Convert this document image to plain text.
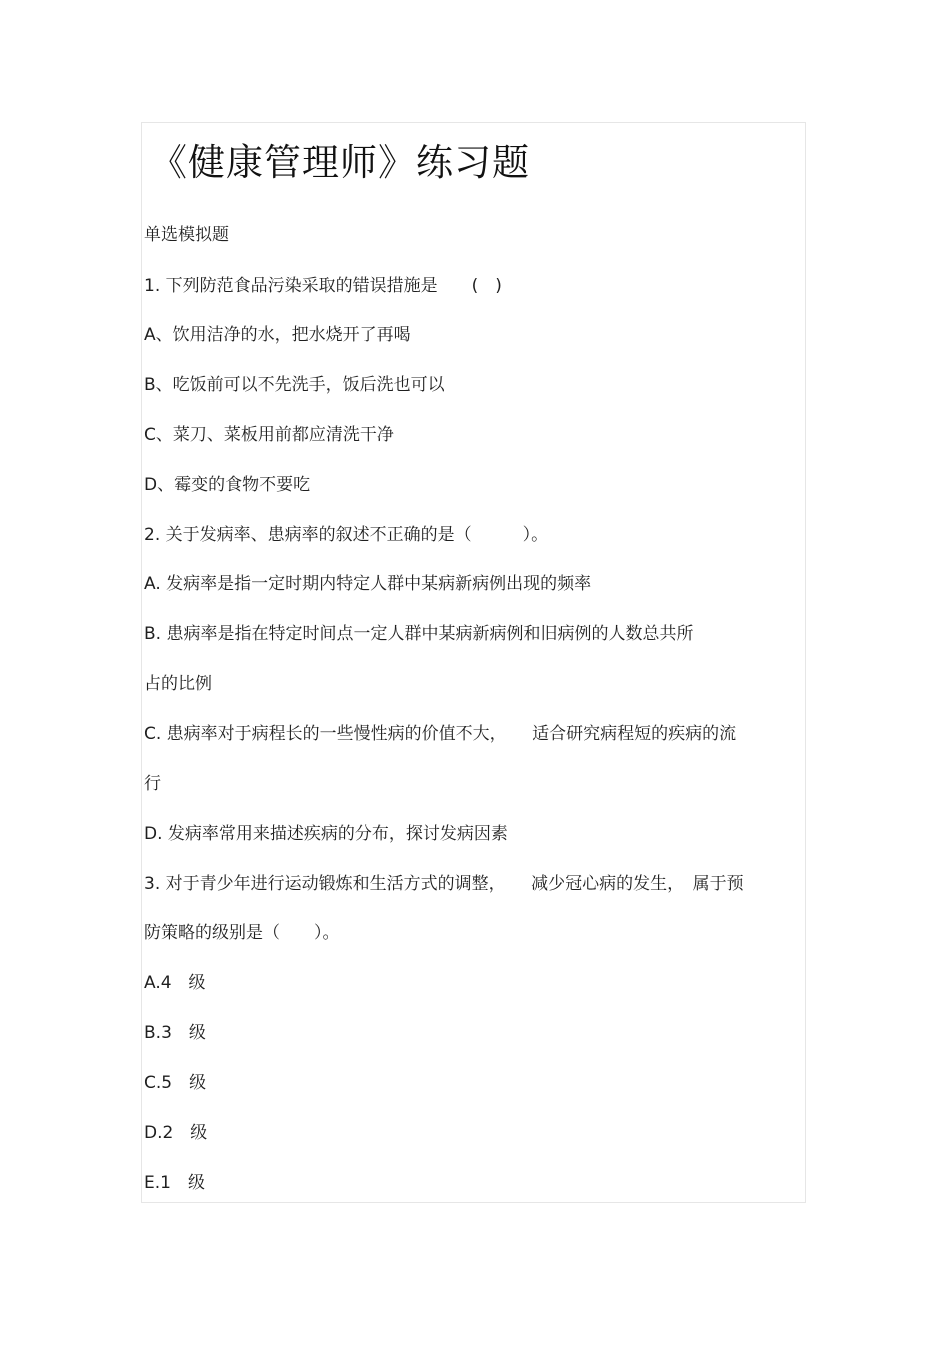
《健康管理师》练习题
单选模拟题
1. 下列防范食品污染采取的错误措施是　　(　)
A、饮用洁净的水，把水烧开了再喝
B、吃饭前可以不先洗手，饭后洗也可以
C、菜刀、菜板用前都应清洗干净
D、霉变的食物不要吃
2. 关于发病率、患病率的叙述不正确的是（　　　）。
A. 发病率是指一定时期内特定人群中某病新病例出现的频率
B. 患病率是指在特定时间点一定人群中某病新病例和旧病例的人数总共所
占的比例
C. 患病率对于病程长的一些慢性病的价值不大，　　适合研究病程短的疾病的流
行
D. 发病率常用来描述疾病的分布，探讨发病因素
3. 对于青少年进行运动锻炼和生活方式的调整，　　减少冠心病的发生，　属于预
防策略的级别是（　　）。
A.4　级
B.3　级
C.5　级
D.2　级
E.1　级
